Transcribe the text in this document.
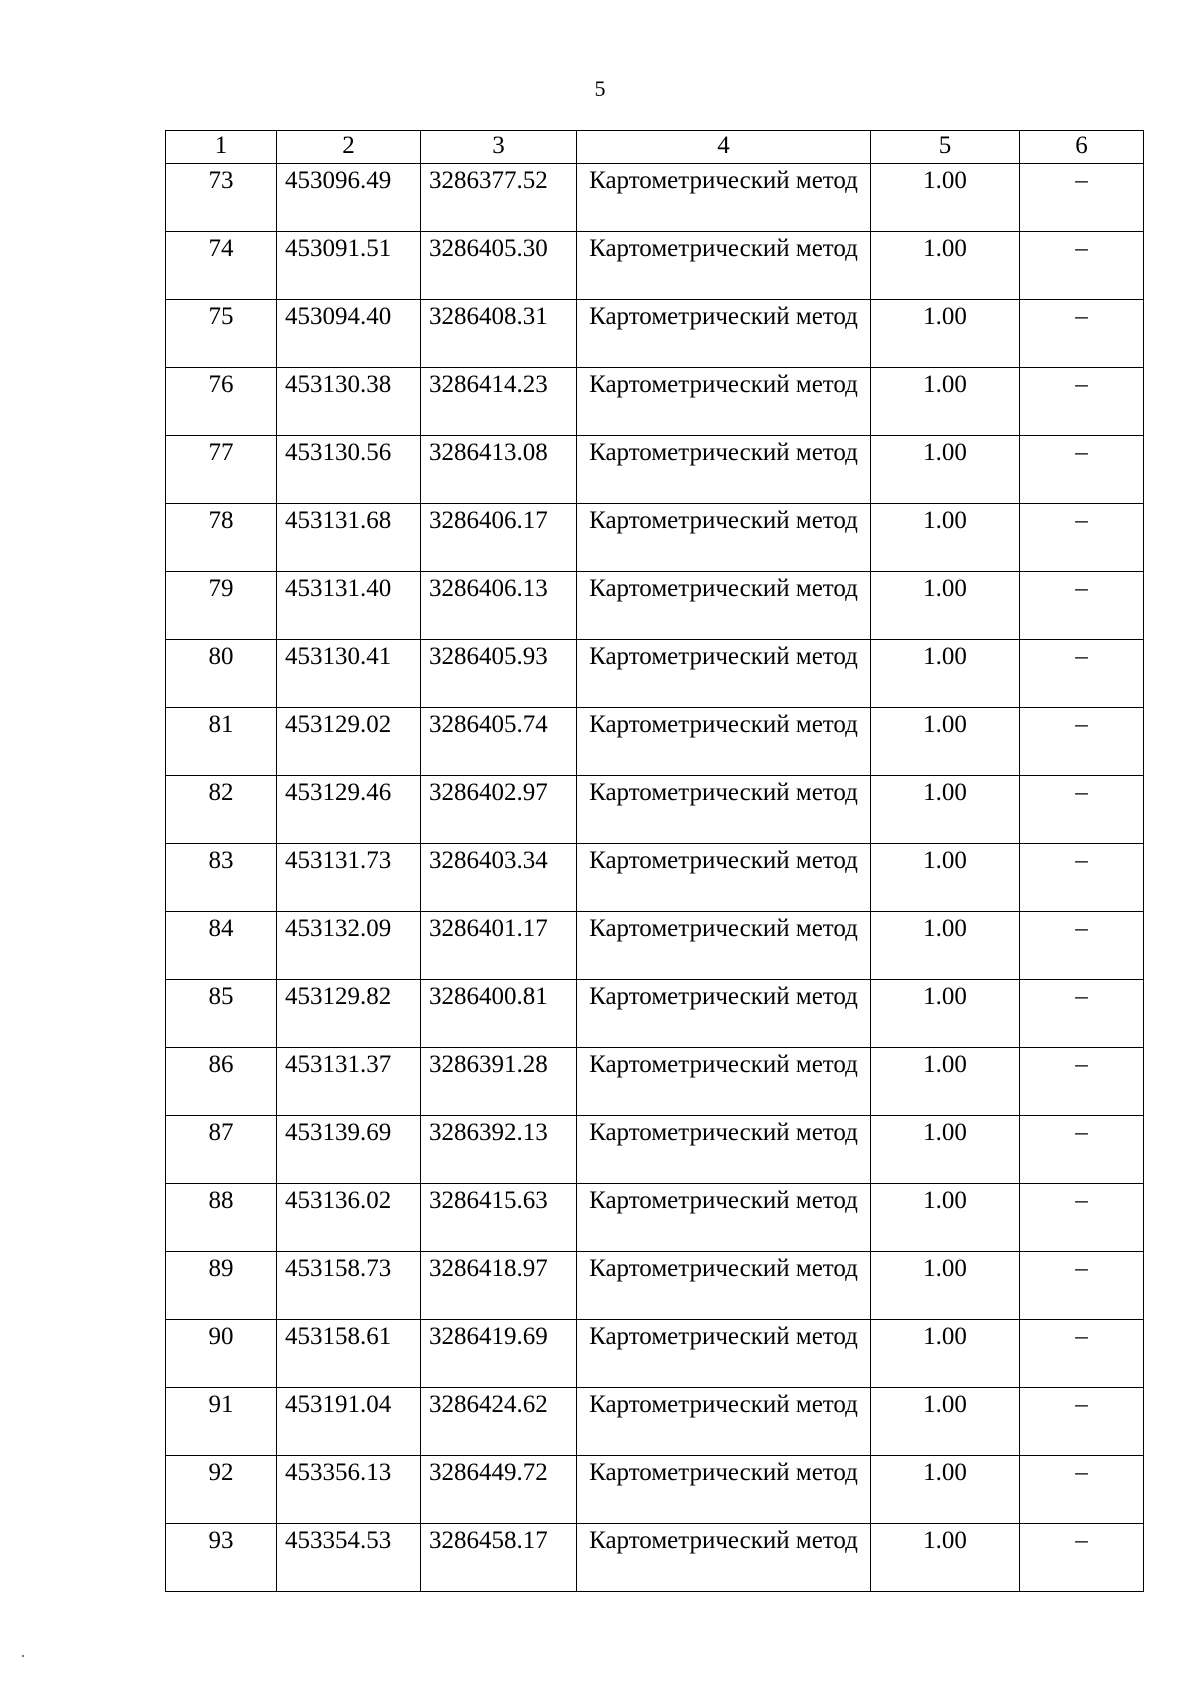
5
1	2	3	4	5	6
73	453096.49	3286377.52	Картометрический метод	1.00	–
74	453091.51	3286405.30	Картометрический метод	1.00	–
75	453094.40	3286408.31	Картометрический метод	1.00	–
76	453130.38	3286414.23	Картометрический метод	1.00	–
77	453130.56	3286413.08	Картометрический метод	1.00	–
78	453131.68	3286406.17	Картометрический метод	1.00	–
79	453131.40	3286406.13	Картометрический метод	1.00	–
80	453130.41	3286405.93	Картометрический метод	1.00	–
81	453129.02	3286405.74	Картометрический метод	1.00	–
82	453129.46	3286402.97	Картометрический метод	1.00	–
83	453131.73	3286403.34	Картометрический метод	1.00	–
84	453132.09	3286401.17	Картометрический метод	1.00	–
85	453129.82	3286400.81	Картометрический метод	1.00	–
86	453131.37	3286391.28	Картометрический метод	1.00	–
87	453139.69	3286392.13	Картометрический метод	1.00	–
88	453136.02	3286415.63	Картометрический метод	1.00	–
89	453158.73	3286418.97	Картометрический метод	1.00	–
90	453158.61	3286419.69	Картометрический метод	1.00	–
91	453191.04	3286424.62	Картометрический метод	1.00	–
92	453356.13	3286449.72	Картометрический метод	1.00	–
93	453354.53	3286458.17	Картометрический метод	1.00	–
